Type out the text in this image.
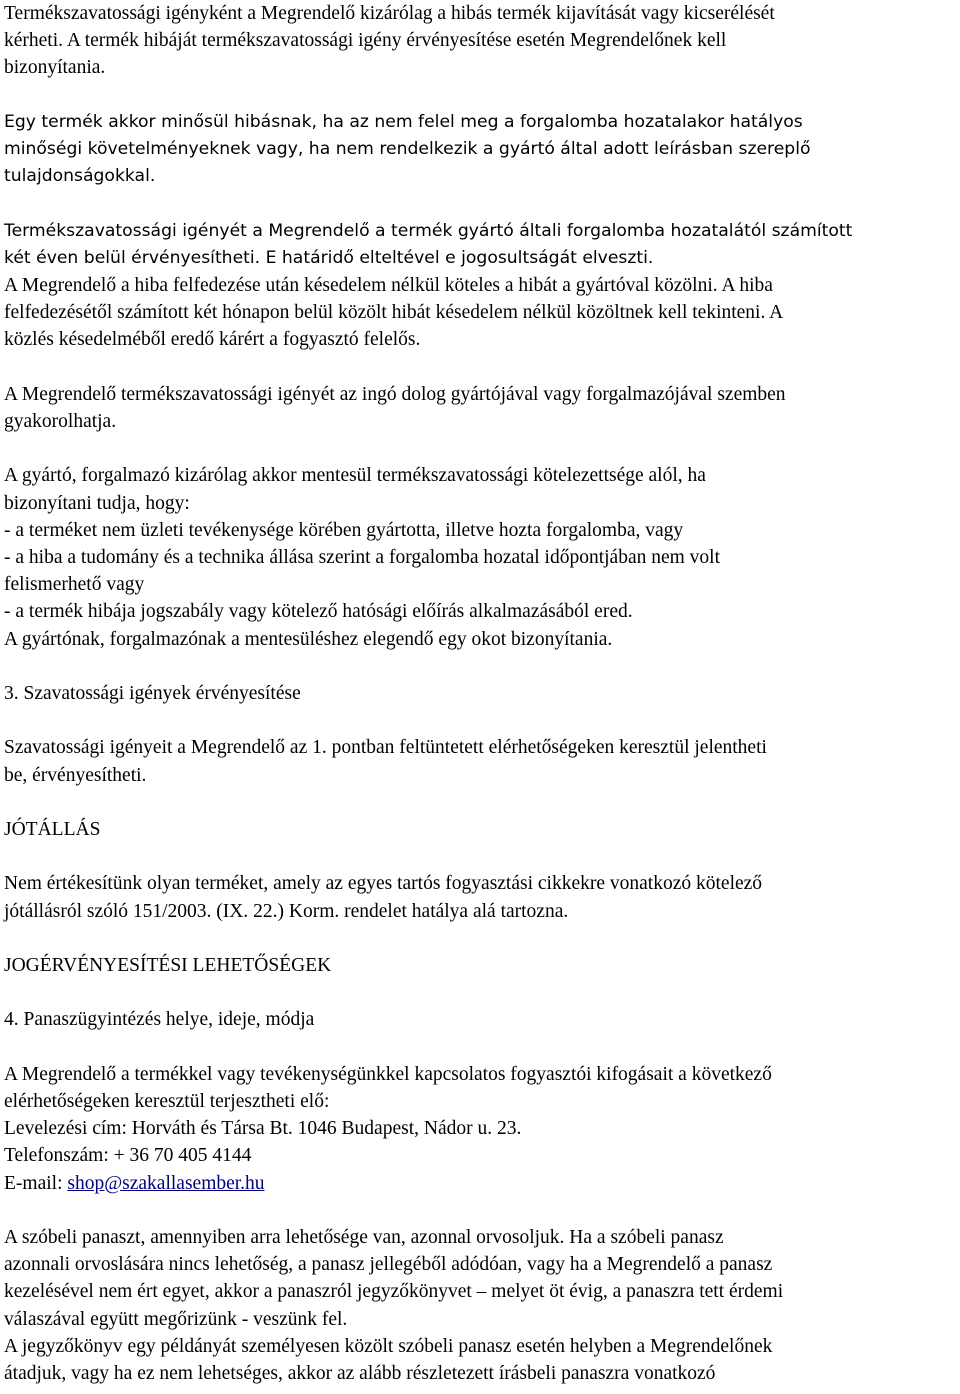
Termékszavatossági igényként a Megrendelő kizárólag a hibás termék kijavítását vagy kicserélését
kérheti. A termék hibáját termékszavatossági igény érvényesítése esetén Megrendelőnek kell
bizonyítania.
Egy termék akkor minősül hibásnak, ha az nem felel meg a forgalomba hozatalakor hatályos
minőségi követelményeknek vagy, ha nem rendelkezik a gyártó által adott leírásban szereplő
tulajdonságokkal.
Termékszavatossági igényét a Megrendelő a termék gyártó általi forgalomba hozatalától számított
két éven belül érvényesítheti. E határidő elteltével e jogosultságát elveszti.
A Megrendelő a hiba felfedezése után késedelem nélkül köteles a hibát a gyártóval közölni. A hiba
felfedezésétől számított két hónapon belül közölt hibát késedelem nélkül közöltnek kell tekinteni. A
közlés késedelméből eredő kárért a fogyasztó felelős.
A Megrendelő termékszavatossági igényét az ingó dolog gyártójával vagy forgalmazójával szemben
gyakorolhatja.
A gyártó, forgalmazó kizárólag akkor mentesül termékszavatossági kötelezettsége alól, ha
bizonyítani tudja, hogy:
- a terméket nem üzleti tevékenysége körében gyártotta, illetve hozta forgalomba, vagy
- a hiba a tudomány és a technika állása szerint a forgalomba hozatal időpontjában nem volt
felismerhető vagy
- a termék hibája jogszabály vagy kötelező hatósági előírás alkalmazásából ered.
A gyártónak, forgalmazónak a mentesüléshez elegendő egy okot bizonyítania.
3. Szavatossági igények érvényesítése
Szavatossági igényeit a Megrendelő az 1. pontban feltüntetett elérhetőségeken keresztül jelentheti
be, érvényesítheti.
JÓTÁLLÁS
Nem értékesítünk olyan terméket, amely az egyes tartós fogyasztási cikkekre vonatkozó kötelező
jótállásról szóló 151/2003. (IX. 22.) Korm. rendelet hatálya alá tartozna.
JOGÉRVÉNYESÍTÉSI LEHETŐSÉGEK
4. Panaszügyintézés helye, ideje, módja
A Megrendelő a termékkel vagy tevékenységünkkel kapcsolatos fogyasztói kifogásait a következő
elérhetőségeken keresztül terjesztheti elő:
Levelezési cím: Horváth és Társa Bt. 1046 Budapest, Nádor u. 23.
Telefonszám: + 36 70 405 4144
E-mail: shop@szakallasember.hu
A szóbeli panaszt, amennyiben arra lehetősége van, azonnal orvosoljuk. Ha a szóbeli panasz
azonnali orvoslására nincs lehetőség, a panasz jellegéből adódóan, vagy ha a Megrendelő a panasz
kezelésével nem ért egyet, akkor a panaszról jegyzőkönyvet – melyet öt évig, a panaszra tett érdemi
válaszával együtt megőrizünk - veszünk fel.
A jegyzőkönyv egy példányát személyesen közölt szóbeli panasz esetén helyben a Megrendelőnek
átadjuk, vagy ha ez nem lehetséges, akkor az alább részletezett írásbeli panaszra vonatkozó
